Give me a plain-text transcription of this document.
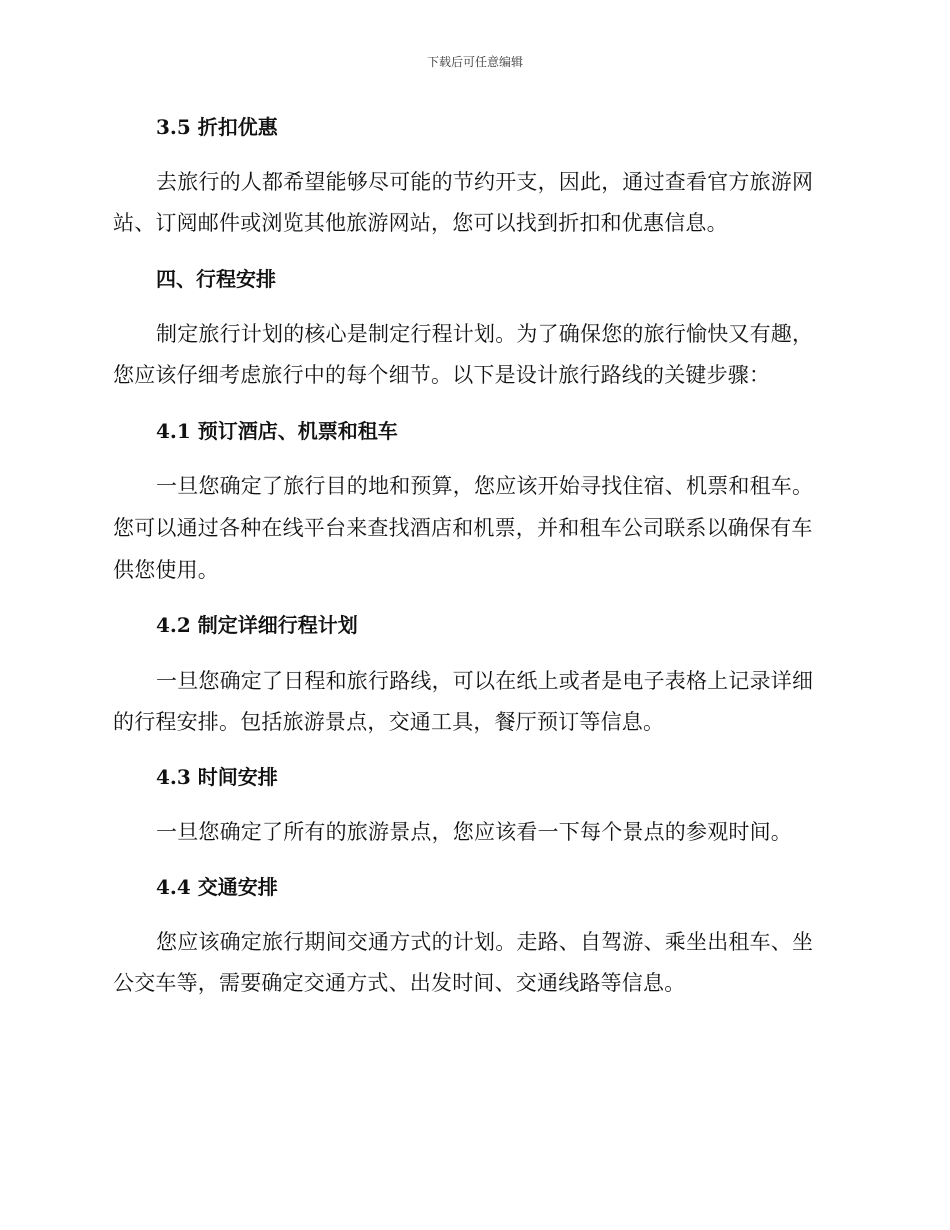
下载后可任意编辑
3.5 折扣优惠
去旅行的人都希望能够尽可能的节约开支，因此，通过查看官方旅游网
站、订阅邮件或浏览其他旅游网站，您可以找到折扣和优惠信息。
四、行程安排
制定旅行计划的核心是制定行程计划。为了确保您的旅行愉快又有趣，
您应该仔细考虑旅行中的每个细节。以下是设计旅行路线的关键步骤：
4.1 预订酒店、机票和租车
一旦您确定了旅行目的地和预算，您应该开始寻找住宿、机票和租车。
您可以通过各种在线平台来查找酒店和机票，并和租车公司联系以确保有车
供您使用。
4.2 制定详细行程计划
一旦您确定了日程和旅行路线，可以在纸上或者是电子表格上记录详细
的行程安排。包括旅游景点，交通工具，餐厅预订等信息。
4.3 时间安排
一旦您确定了所有的旅游景点，您应该看一下每个景点的参观时间。
4.4 交通安排
您应该确定旅行期间交通方式的计划。走路、自驾游、乘坐出租车、坐
公交车等，需要确定交通方式、出发时间、交通线路等信息。
